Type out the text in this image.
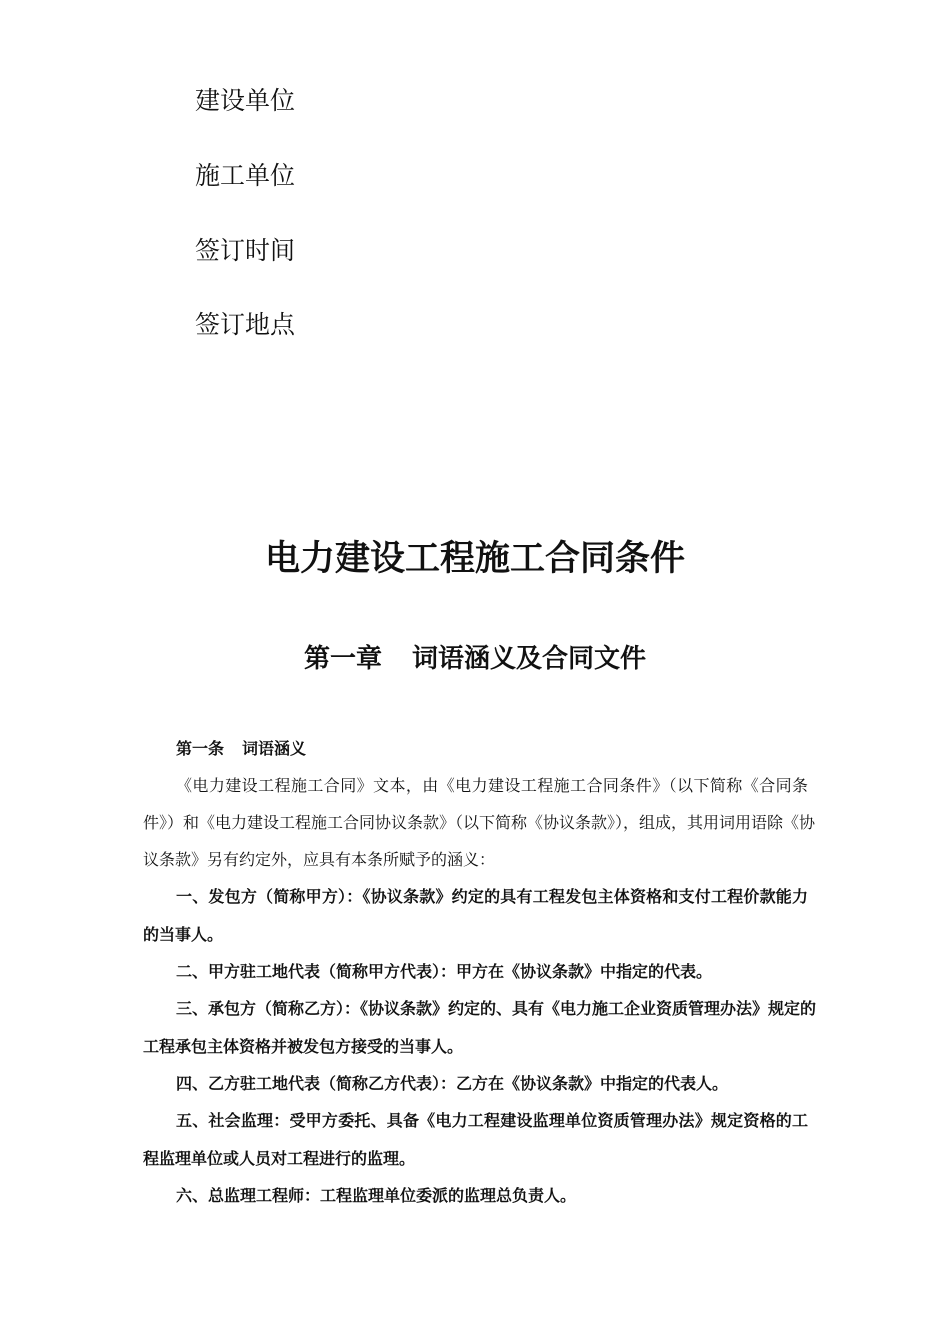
建设单位
施工单位
签订时间
签订地点
电力建设工程施工合同条件
第一章 词语涵义及合同文件
第一条 词语涵义
《电力建设工程施工合同》文本，由《电力建设工程施工合同条件》（以下简称《合同条
件》）和《电力建设工程施工合同协议条款》（以下简称《协议条款》），组成，其用词用语除《协
议条款》另有约定外，应具有本条所赋予的涵义：
一、发包方（简称甲方）：《协议条款》约定的具有工程发包主体资格和支付工程价款能力
的当事人。
二、甲方驻工地代表（简称甲方代表）：甲方在《协议条款》中指定的代表。
三、承包方（简称乙方）：《协议条款》约定的、具有《电力施工企业资质管理办法》规定的
工程承包主体资格并被发包方接受的当事人。
四、乙方驻工地代表（简称乙方代表）：乙方在《协议条款》中指定的代表人。
五、社会监理：受甲方委托、具备《电力工程建设监理单位资质管理办法》规定资格的工
程监理单位或人员对工程进行的监理。
六、总监理工程师：工程监理单位委派的监理总负责人。
